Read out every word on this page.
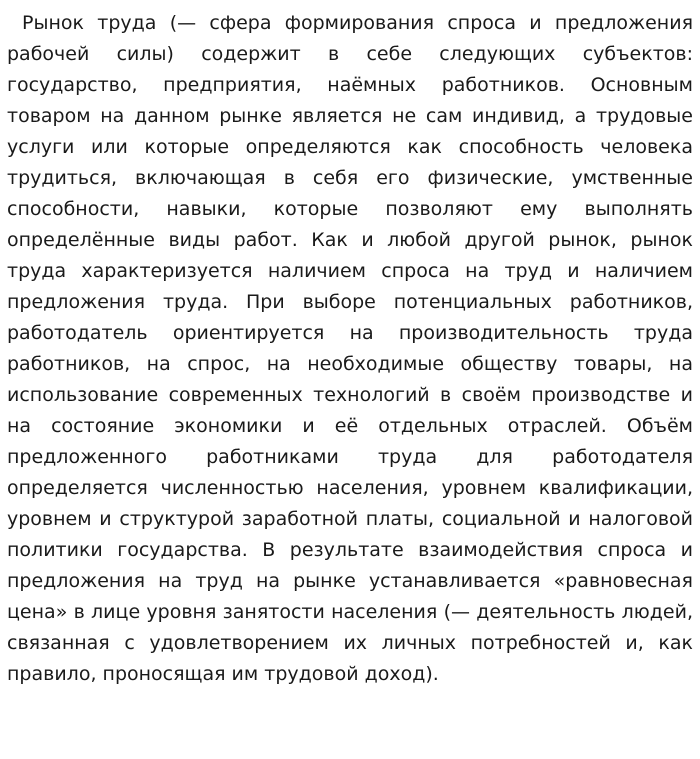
Рынок труда (— сфера формирования спроса и предложения рабочей силы) содержит в себе следующих субъектов: государство, предприятия, наёмных работников. Основным товаром на данном рынке является не сам индивид, а трудовые услуги или которые определяются как способность человека трудиться, включающая в себя его физические, умственные способности, навыки, которые позволяют ему выполнять определённые виды работ. Как и любой другой рынок, рынок труда характеризуется наличием спроса на труд и наличием предложения труда. При выборе потенциальных работников, работодатель ориентируется на производительность труда работников, на спрос, на необходимые обществу товары, на использование современных технологий в своём производстве и на состояние экономики и её отдельных отраслей. Объём предложенного работниками труда для работодателя определяется численностью населения, уровнем квалификации, уровнем и структурой заработной платы, социальной и налоговой политики государства. В результате взаимодействия спроса и предложения на труд на рынке устанавливается «равновесная цена» в лице уровня занятости населения (— деятельность людей, связанная с удовлетворением их личных потребностей и, как правило, проносящая им трудовой доход).
